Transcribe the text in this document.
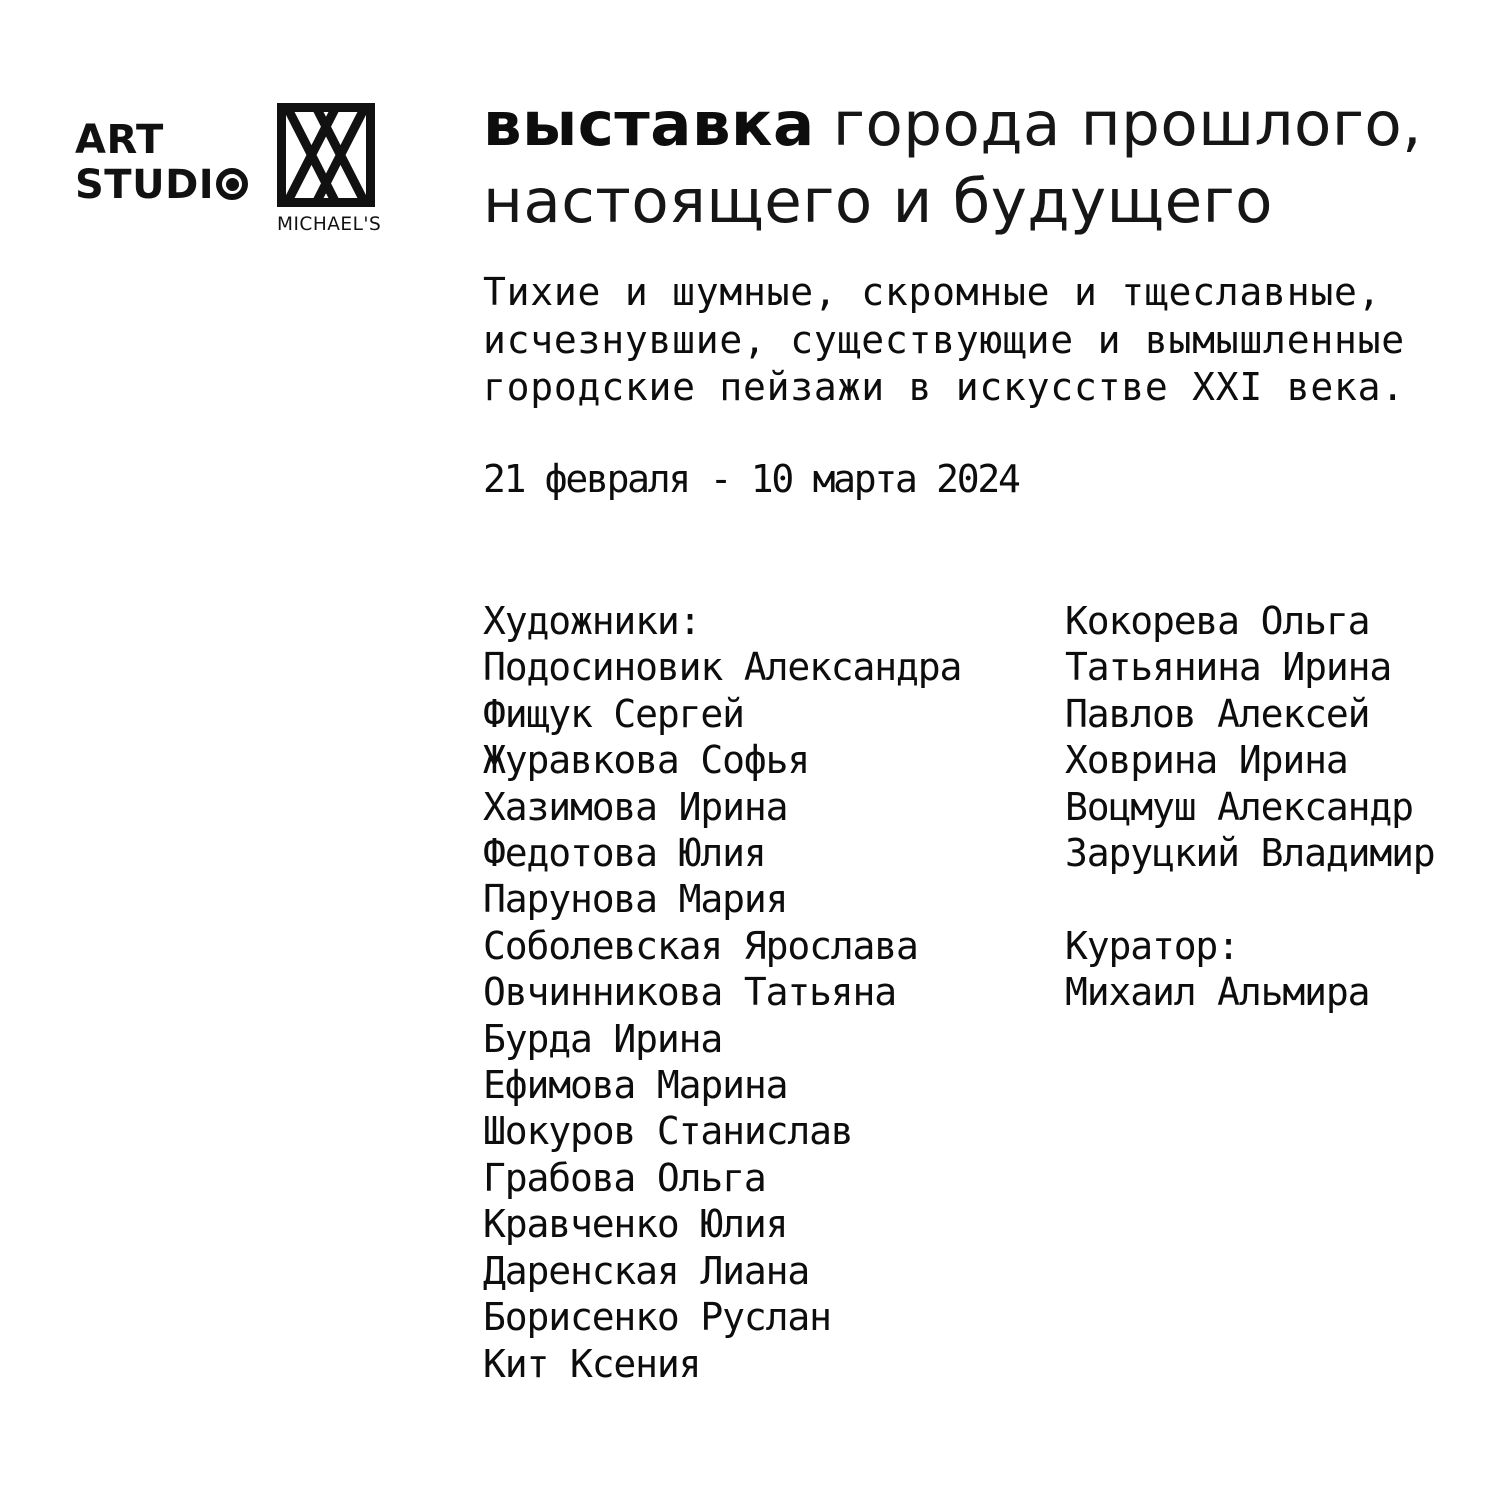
ART
STUDI
MICHAEL'S
выставка города прошлого,
настоящего и будущего
Тихие и шумные, скромные и тщеславные,
исчезнувшие, существующие и вымышленные
городские пейзажи в искусстве XXI века.
21 февраля - 10 марта 2024
Художники:
Подосиновик Александра
Фищук Сергей
Журавкова Софья
Хазимова Ирина
Федотова Юлия
Парунова Мария
Соболевская Ярослава
Овчинникова Татьяна
Бурда Ирина
Ефимова Марина
Шокуров Станислав
Грабова Ольга
Кравченко Юлия
Даренская Лиана
Борисенко Руслан
Кит Ксения
Кокорева Ольга
Татьянина Ирина
Павлов Алексей
Ховрина Ирина
Воцмуш Александр
Заруцкий Владимир
Куратор:
Михаил Альмира
